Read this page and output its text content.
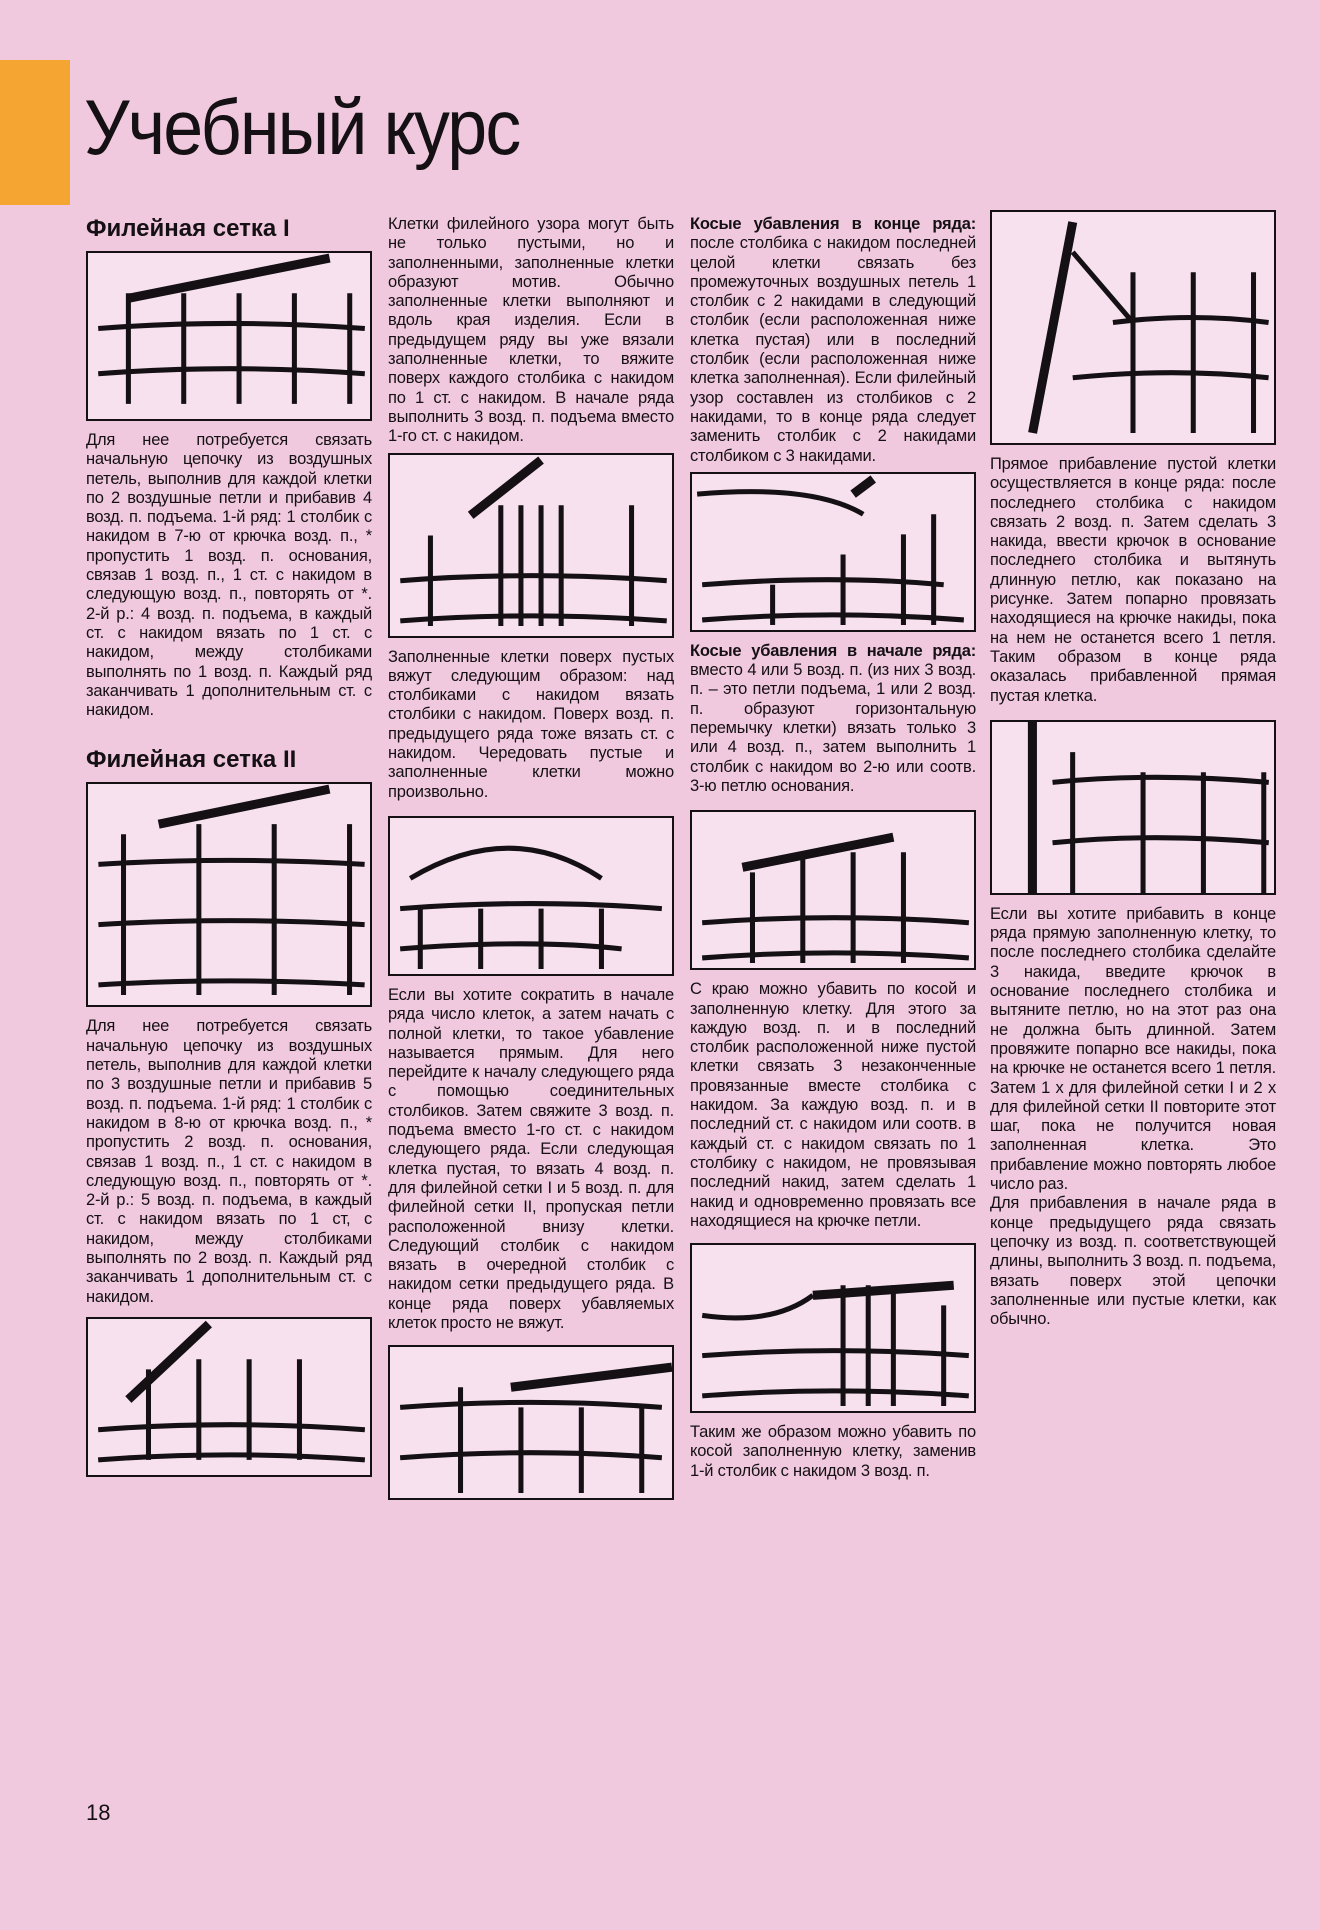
Учебный курс
Филейная сетка I

Для нее потребуется связать начальную цепочку из воздушных петель, выполнив для каждой клетки по 2 воздушные петли и прибавив 4 возд. п. подъема. 1-й ряд: 1 столбик с накидом в 7-ю от крючка возд. п., * пропустить 1 возд. п. основания, связав 1 возд. п., 1 ст. с накидом в следующую возд. п., повторять от *. 2-й р.: 4 возд. п. подъема, в каждый ст. с накидом вязать по 1 ст. с накидом, между столбиками выполнять по 1 возд. п. Каждый ряд заканчивать 1 дополнительным ст. с накидом.

Филейная сетка II

Для нее потребуется связать начальную цепочку из воздушных петель, выполнив для каждой клетки по 3 воздушные петли и прибавив 5 возд. п. подъема. 1-й ряд: 1 столбик с накидом в 8-ю от крючка возд. п., * пропустить 2 возд. п. основания, связав 1 возд. п., 1 ст. с накидом в следующую возд. п., повторять от *. 2-й р.: 5 возд. п. подъема, в каждый ст. с накидом вязать по 1 ст, с накидом, между столбиками выполнять по 2 возд. п. Каждый ряд заканчивать 1 дополнительным ст. с накидом.

Клетки филейного узора могут быть не только пустыми, но и заполненными, заполненные клетки образуют мотив. Обычно заполненные клетки выполняют и вдоль края изделия. Если в предыдущем ряду вы уже вязали заполненные клетки, то вяжите поверх каждого столбика с накидом по 1 ст. с накидом. В начале ряда выполнить 3 возд. п. подъема вместо 1-го ст. с накидом.

Заполненные клетки поверх пустых вяжут следующим образом: над столбиками с накидом вязать столбики с накидом. Поверх возд. п. предыдущего ряда тоже вязать ст. с накидом. Чередовать пустые и заполненные клетки можно произвольно.

Если вы хотите сократить в начале ряда число клеток, а затем начать с полной клетки, то такое убавление называется прямым. Для него перейдите к началу следующего ряда с помощью соединительных столбиков. Затем свяжите 3 возд. п. подъема вместо 1-го ст. с накидом следующего ряда. Если следующая клетка пустая, то вязать 4 возд. п. для филейной сетки I и 5 возд. п. для филейной сетки II, пропуская петли расположенной внизу клетки. Следующий столбик с накидом вязать в очередной столбик с накидом сетки предыдущего ряда. В конце ряда поверх убавляемых клеток просто не вяжут.

Косые убавления в конце ряда: после столбика с накидом последней целой клетки связать без промежуточных воздушных петель 1 столбик с 2 накидами в следующий столбик (если расположенная ниже клетка пустая) или в последний столбик (если расположенная ниже клетка заполненная). Если филейный узор составлен из столбиков с 2 накидами, то в конце ряда следует заменить столбик с 2 накидами столбиком с 3 накидами.

Косые убавления в начале ряда: вместо 4 или 5 возд. п. (из них 3 возд. п. – это петли подъема, 1 или 2 возд. п. образуют горизонтальную перемычку клетки) вязать только 3 или 4 возд. п., затем выполнить 1 столбик с накидом во 2-ю или соотв. 3-ю петлю основания.

С краю можно убавить по косой и заполненную клетку. Для этого за каждую возд. п. и в последний столбик расположенной ниже пустой клетки связать 3 незаконченные провязанные вместе столбика с накидом. За каждую возд. п. и в последний ст. с накидом или соотв. в каждый ст. с накидом связать по 1 столбику с накидом, не провязывая последний накид, затем сделать 1 накид и одновременно провязать все находящиеся на крючке петли.

Таким же образом можно убавить по косой заполненную клетку, заменив 1-й столбик с накидом 3 возд. п.

Прямое прибавление пустой клетки осуществляется в конце ряда: после последнего столбика с накидом связать 2 возд. п. Затем сделать 3 накида, ввести крючок в основание последнего столбика и вытянуть длинную петлю, как показано на рисунке. Затем попарно провязать находящиеся на крючке накиды, пока на нем не останется всего 1 петля. Таким образом в конце ряда оказалась прибавленной прямая пустая клетка.

Если вы хотите прибавить в конце ряда прямую заполненную клетку, то после последнего столбика сделайте 3 накида, введите крючок в основание последнего столбика и вытяните петлю, но на этот раз она не должна быть длинной. Затем провяжите попарно все накиды, пока на крючке не останется всего 1 петля. Затем 1 х для филейной сетки I и 2 х для филейной сетки II повторите этот шаг, пока не получится новая заполненная клетка. Это прибавление можно повторять любое число раз.

Для прибавления в начале ряда в конце предыдущего ряда связать цепочку из возд. п. соответствующей длины, выполнить 3 возд. п. подъема, вязать поверх этой цепочки заполненные или пустые клетки, как обычно.

18
